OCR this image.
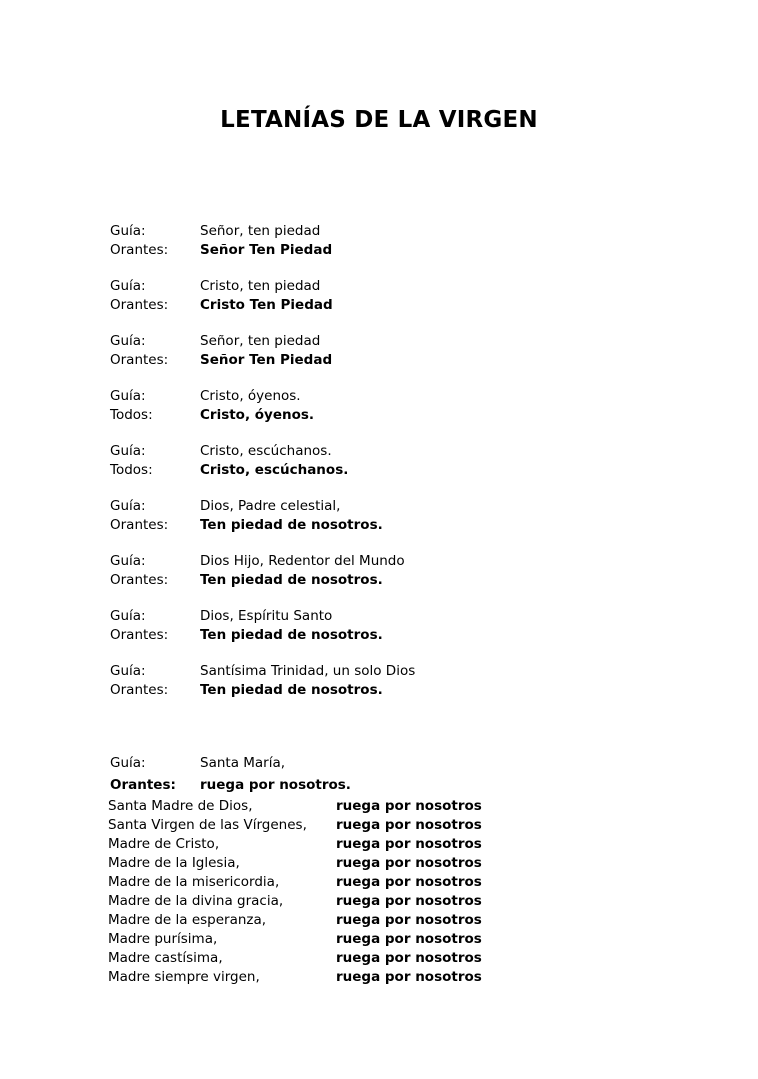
LETANÍAS DE LA VIRGEN
Guía:	Señor, ten piedad
Orantes:	Señor Ten Piedad
Guía:	Cristo, ten piedad
Orantes:	Cristo Ten Piedad
Guía:	Señor, ten piedad
Orantes:	Señor Ten Piedad
Guía:	Cristo, óyenos.
Todos:	Cristo, óyenos.
Guía:	Cristo, escúchanos.
Todos:	Cristo, escúchanos.
Guía:	Dios, Padre celestial,
Orantes:	Ten piedad de nosotros.
Guía:	Dios Hijo, Redentor del Mundo
Orantes:	Ten piedad de nosotros.
Guía:	Dios, Espíritu Santo
Orantes:	Ten piedad de nosotros.
Guía:	Santísima Trinidad, un solo Dios
Orantes:	Ten piedad de nosotros.
Guía:	Santa María,
Orantes:	ruega por nosotros.
Santa Madre de Dios,	ruega por nosotros
Santa Virgen de las Vírgenes,	ruega por nosotros
Madre de Cristo,	ruega por nosotros
Madre de la Iglesia,	ruega por nosotros
Madre de la misericordia,	ruega por nosotros
Madre de la divina gracia,	ruega por nosotros
Madre de la esperanza,	ruega por nosotros
Madre purísima,	ruega por nosotros
Madre castísima,	ruega por nosotros
Madre siempre virgen,	ruega por nosotros
